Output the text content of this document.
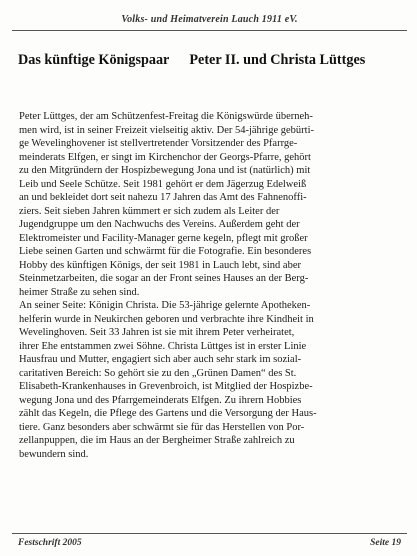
Volks- und Heimatverein Lauch 1911 eV.
Das künftige Königspaar Peter II. und Christa Lüttges
Peter Lüttges, der am Schützenfest-Freitag die Königswürde überneh-
men wird, ist in seiner Freizeit vielseitig aktiv. Der 54-jährige gebürti-
ge Wevelinghovener ist stellvertretender Vorsitzender des Pfarrge-
meinderats Elfgen, er singt im Kirchenchor der Georgs-Pfarre, gehört
zu den Mitgründern der Hospizbewegung Jona und ist (natürlich) mit
Leib und Seele Schütze. Seit 1981 gehört er dem Jägerzug Edelweiß
an und bekleidet dort seit nahezu 17 Jahren das Amt des Fahnenoffi-
ziers. Seit sieben Jahren kümmert er sich zudem als Leiter der
Jugendgruppe um den Nachwuchs des Vereins. Außerdem geht der
Elektromeister und Facility-Manager gerne kegeln, pflegt mit großer
Liebe seinen Garten und schwärmt für die Fotografie. Ein besonderes
Hobby des künftigen Königs, der seit 1981 in Lauch lebt, sind aber
Steinmetzarbeiten, die sogar an der Front seines Hauses an der Berg-
heimer Straße zu sehen sind.
An seiner Seite: Königin Christa. Die 53-jährige gelernte Apotheken-
helferin wurde in Neukirchen geboren und verbrachte ihre Kindheit in
Wevelinghoven. Seit 33 Jahren ist sie mit ihrem Peter verheiratet,
ihrer Ehe entstammen zwei Söhne. Christa Lüttges ist in erster Linie
Hausfrau und Mutter, engagiert sich aber auch sehr stark im sozial-
caritativen Bereich: So gehört sie zu den „Grünen Damen“ des St.
Elisabeth-Krankenhauses in Grevenbroich, ist Mitglied der Hospizbe-
wegung Jona und des Pfarrgemeinderats Elfgen. Zu ihrern Hobbies
zählt das Kegeln, die Pflege des Gartens und die Versorgung der Haus-
tiere. Ganz besonders aber schwärmt sie für das Herstellen von Por-
zellanpuppen, die im Haus an der Bergheimer Straße zahlreich zu
bewundern sind.
Festschrift 2005	Seite 19
